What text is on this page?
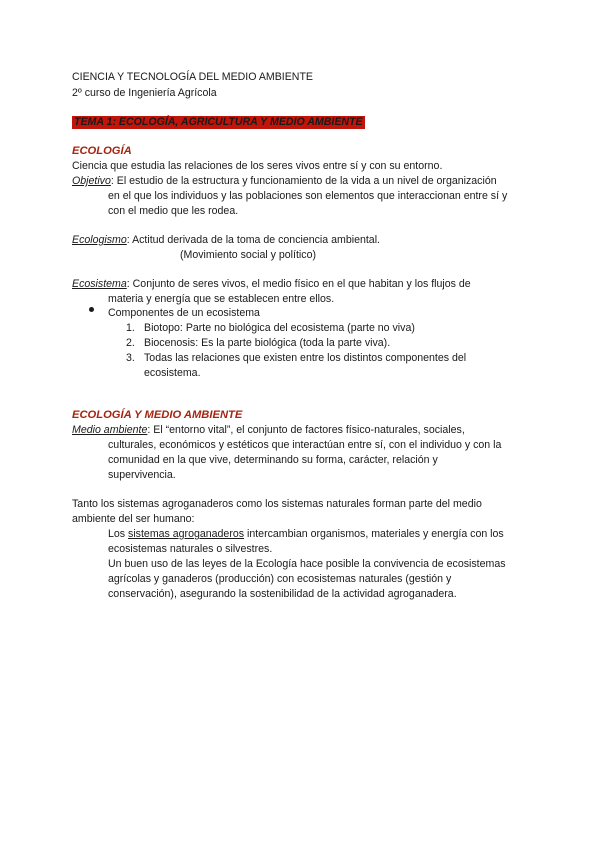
CIENCIA Y TECNOLOGÍA DEL MEDIO AMBIENTE
2º curso de Ingeniería Agrícola
TEMA 1: ECOLOGÍA, AGRICULTURA Y MEDIO AMBIENTE
ECOLOGÍA
Ciencia que estudia las relaciones de los seres vivos entre sí y con su entorno.
Objetivo: El estudio de la estructura y funcionamiento de la vida a un nivel de organización
en el que los individuos y las poblaciones son elementos que interaccionan entre sí y
con el medio que les rodea.
Ecologismo: Actitud derivada de la toma de conciencia ambiental.
(Movimiento social y político)
Ecosistema: Conjunto de seres vivos, el medio físico en el que habitan y los flujos de
materia y energía que se establecen entre ellos.
Componentes de un ecosistema
1. Biotopo: Parte no biológica del ecosistema (parte no viva)
2. Biocenosis: Es la parte biológica (toda la parte viva).
3. Todas las relaciones que existen entre los distintos componentes del
ecosistema.
ECOLOGÍA Y MEDIO AMBIENTE
Medio ambiente: El “entorno vital”, el conjunto de factores físico-naturales, sociales,
culturales, económicos y estéticos que interactúan entre sí, con el individuo y con la
comunidad en la que vive, determinando su forma, carácter, relación y
supervivencia.
Tanto los sistemas agroganaderos como los sistemas naturales forman parte del medio
ambiente del ser humano:
Los sistemas agroganaderos intercambian organismos, materiales y energía con los
ecosistemas naturales o silvestres.
Un buen uso de las leyes de la Ecología hace posible la convivencia de ecosistemas
agrícolas y ganaderos (producción) con ecosistemas naturales (gestión y
conservación), asegurando la sostenibilidad de la actividad agroganadera.
